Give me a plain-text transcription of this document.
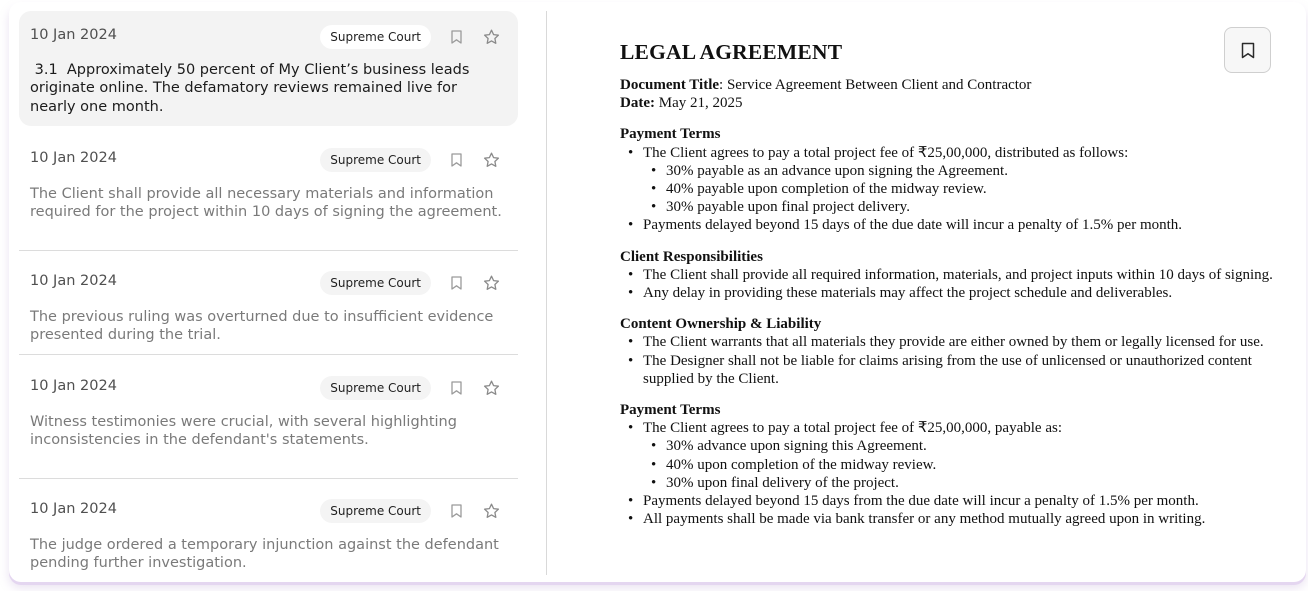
10 Jan 2024	Supreme Court
3.1  Approximately 50 percent of My Client’s business leads originate online. The defamatory reviews remained live for nearly one month.
10 Jan 2024	Supreme Court
The Client shall provide all necessary materials and information required for the project within 10 days of signing the agreement.
10 Jan 2024	Supreme Court
The previous ruling was overturned due to insufficient evidence presented during the trial.
10 Jan 2024	Supreme Court
Witness testimonies were crucial, with several highlighting inconsistencies in the defendant's statements.
10 Jan 2024	Supreme Court
The judge ordered a temporary injunction against the defendant pending further investigation.
LEGAL AGREEMENT
Document Title: Service Agreement Between Client and Contractor
Date: May 21, 2025
Payment Terms
• The Client agrees to pay a total project fee of ₹25,00,000, distributed as follows:
• 30% payable as an advance upon signing the Agreement.
• 40% payable upon completion of the midway review.
• 30% payable upon final project delivery.
• Payments delayed beyond 15 days of the due date will incur a penalty of 1.5% per month.
Client Responsibilities
• The Client shall provide all required information, materials, and project inputs within 10 days of signing.
• Any delay in providing these materials may affect the project schedule and deliverables.
Content Ownership & Liability
• The Client warrants that all materials they provide are either owned by them or legally licensed for use.
• The Designer shall not be liable for claims arising from the use of unlicensed or unauthorized content supplied by the Client.
Payment Terms
• The Client agrees to pay a total project fee of ₹25,00,000, payable as:
• 30% advance upon signing this Agreement.
• 40% upon completion of the midway review.
• 30% upon final delivery of the project.
• Payments delayed beyond 15 days from the due date will incur a penalty of 1.5% per month.
• All payments shall be made via bank transfer or any method mutually agreed upon in writing.
